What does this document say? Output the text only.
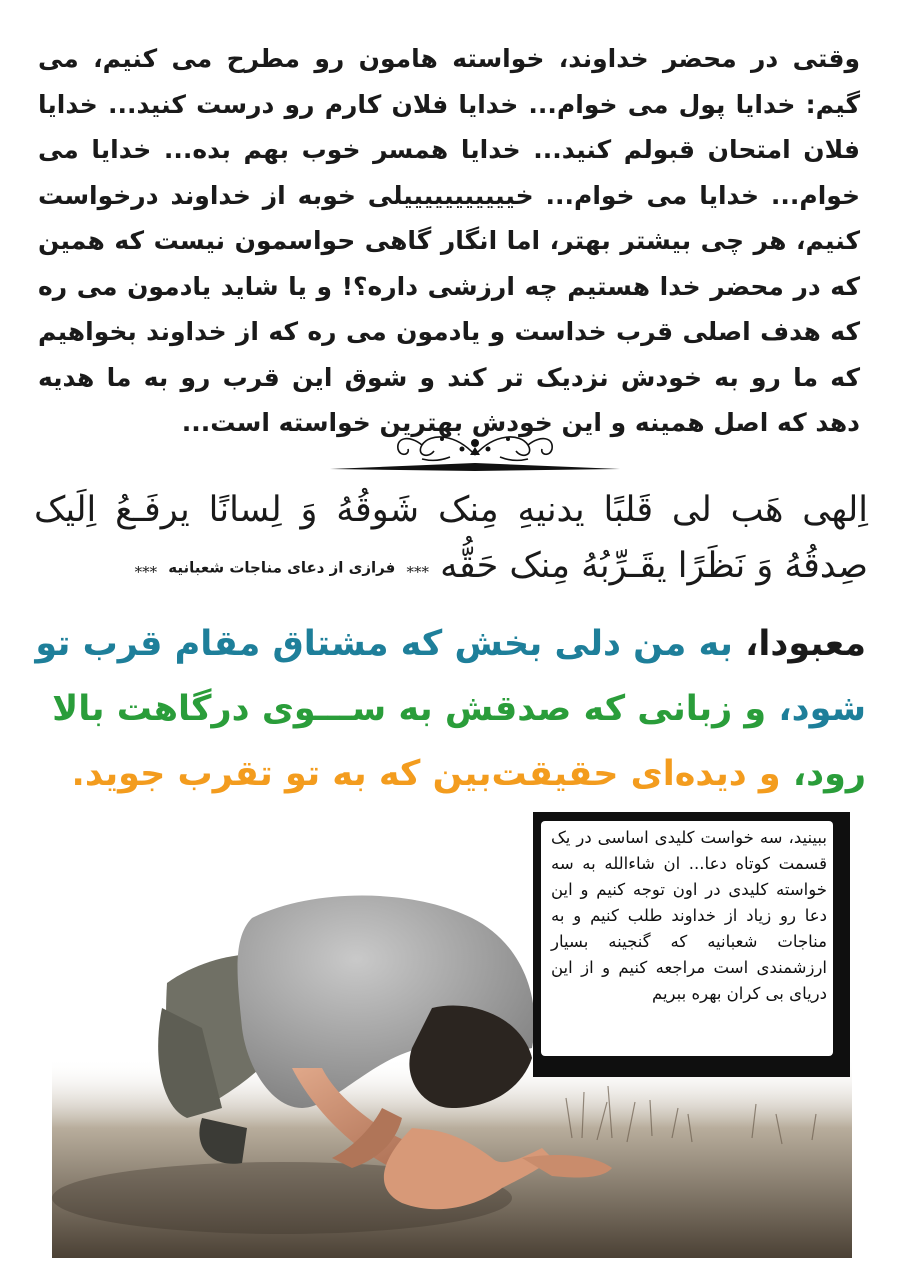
وقتی در محضر خداوند، خواسته هامون رو مطرح می کنیم، می گیم: خدایا پول می خوام... خدایا فلان کارم رو درست کنید... خدایا فلان امتحان قبولم کنید... خدایا همسر خوب بهم بده... خدایا می خوام... خدایا می خوام... خیییییییییییلی خوبه از خداوند درخواست کنیم، هر چی بیشتر بهتر، اما انگار گاهی حواسمون نیست که همین که در محضر خدا هستیم چه ارزشی داره؟! و یا شاید یادمون می ره که هدف اصلی قرب خداست و یادمون می ره که از خداوند بخواهیم که ما رو به خودش نزدیک تر کند و شوق این قرب رو به ما هدیه دهد که اصل همینه و این خودش بهترین خواسته است...

اِلهی هَب لی قَلبًا یدنیهِ مِنک شَوقُهُ وَ لِسانًا یرفَـعُ اِلَیک
صِدقُهُ وَ نَظَرًا یقَـرِّبُهُ مِنک حَقُّه *** فرازی از دعای مناجات شعبانیه ***
معبودا، به من دلی بخش که مشتاق مقام قرب تو شود، و زبانی که صدقش به ســـوی درگاهت بالا رود، و دیده‌ای حقیقت‌بین که به تو تقرب جوید.

ببینید، سه خواست کلیدی اساسی در یک قسمت کوتاه دعا... ان شاءالله به سه خواسته کلیدی در اون توجه کنیم و این دعا رو زیاد از خداوند طلب کنیم و به مناجات شعبانیه که گنجینه بسیار ارزشمندی است مراجعه کنیم و از این دریای بی کران بهره ببریم
